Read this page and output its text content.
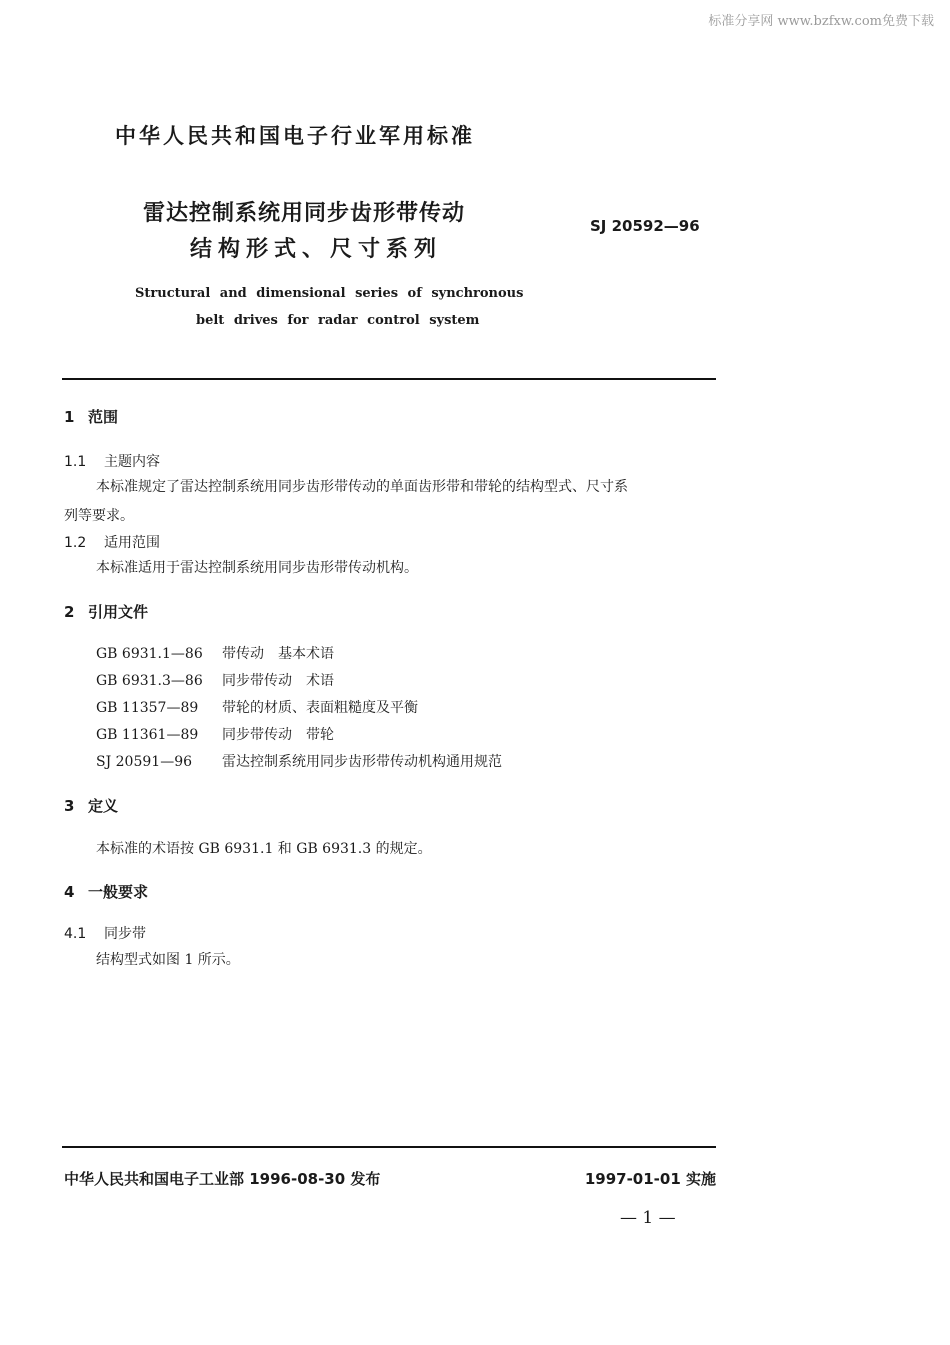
标准分享网 www.bzfxw.com免费下载
中华人民共和国电子行业军用标准
雷达控制系统用同步齿形带传动
结构形式、尺寸系列
SJ 20592—96
Structural and dimensional series of synchronous
belt drives for radar control system
1 范围
1.1 主题内容
本标准规定了雷达控制系统用同步齿形带传动的单面齿形带和带轮的结构型式、尺寸系
列等要求。
1.2 适用范围
本标准适用于雷达控制系统用同步齿形带传动机构。
2 引用文件
GB 6931.1—86 带传动　基本术语
GB 6931.3—86 同步带传动　术语
GB 11357—89 带轮的材质、表面粗糙度及平衡
GB 11361—89 同步带传动　带轮
SJ 20591—96 雷达控制系统用同步齿形带传动机构通用规范
3 定义
本标准的术语按 GB 6931.1 和 GB 6931.3 的规定。
4 一般要求
4.1 同步带
结构型式如图 1 所示。
中华人民共和国电子工业部 1996-08-30 发布	1997-01-01 实施
— 1 —
